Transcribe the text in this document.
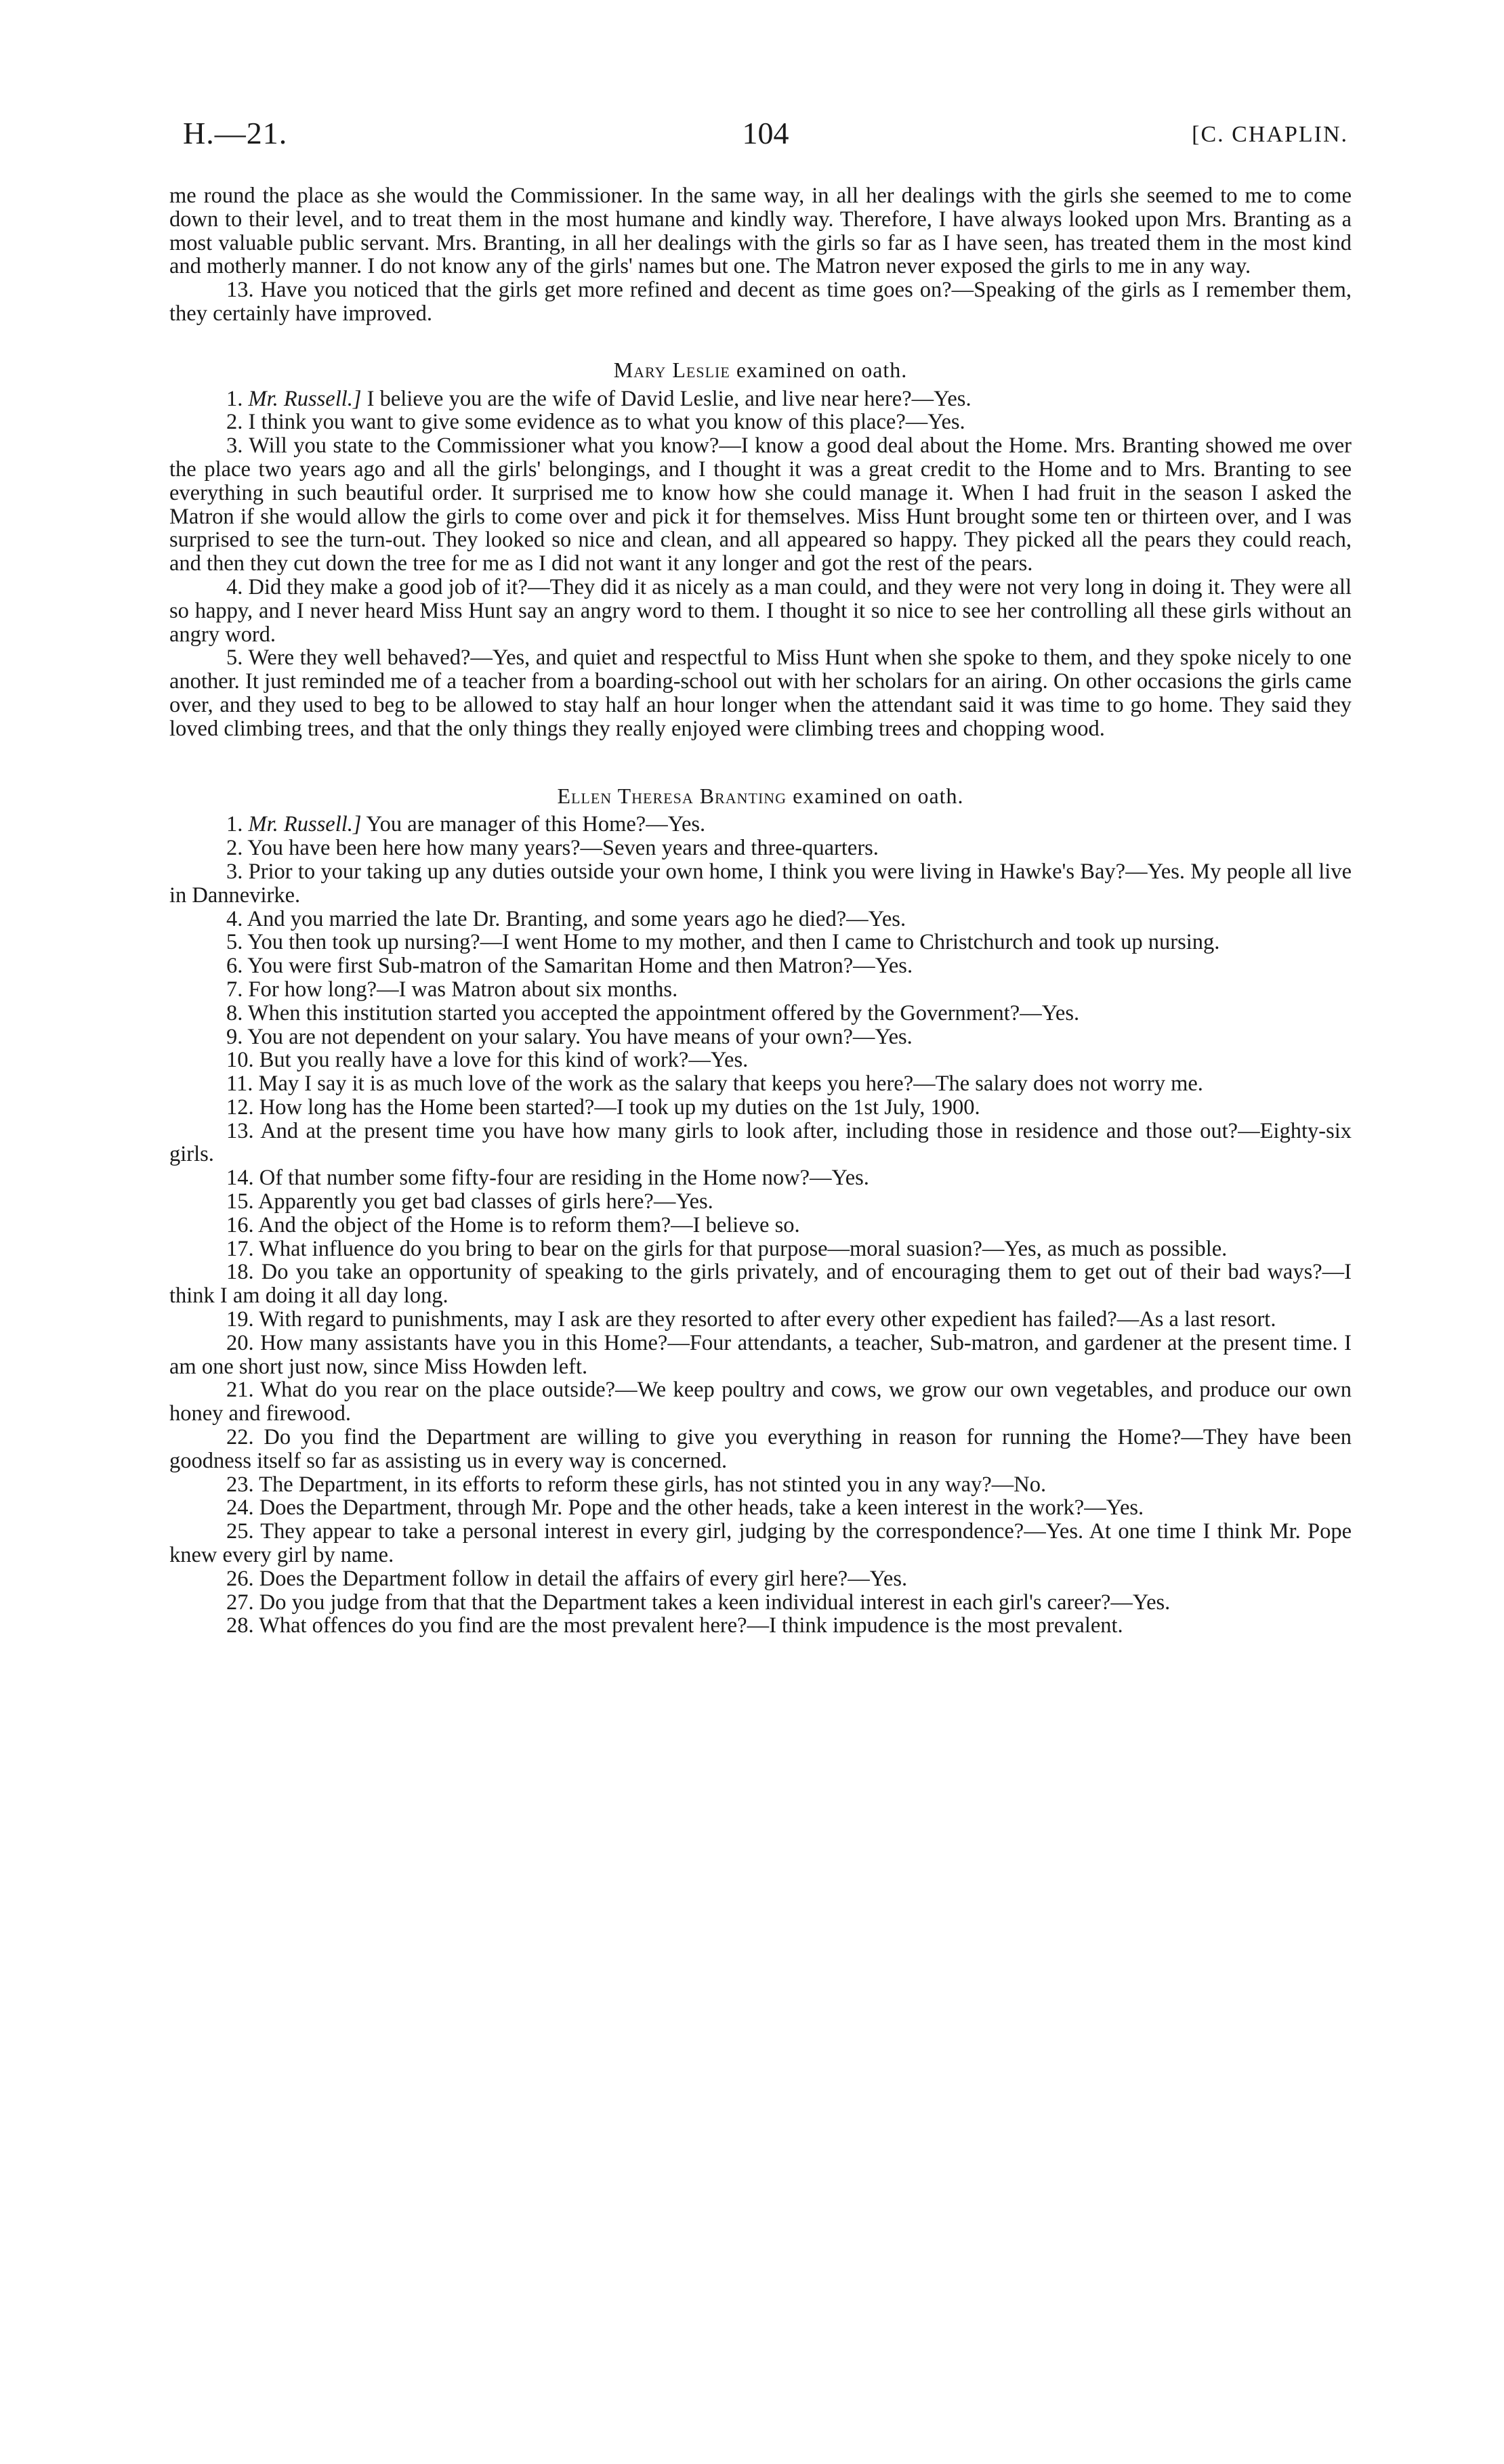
H.—21.	104	[C. CHAPLIN.

me round the place as she would the Commissioner. In the same way, in all her dealings with the girls she seemed to me to come down to their level, and to treat them in the most humane and kindly way. Therefore, I have always looked upon Mrs. Branting as a most valuable public servant. Mrs. Branting, in all her dealings with the girls so far as I have seen, has treated them in the most kind and motherly manner. I do not know any of the girls' names but one. The Matron never exposed the girls to me in any way.

13. Have you noticed that the girls get more refined and decent as time goes on?—Speaking of the girls as I remember them, they certainly have improved.

Mary Leslie examined on oath.

1. Mr. Russell.] I believe you are the wife of David Leslie, and live near here?—Yes.

2. I think you want to give some evidence as to what you know of this place?—Yes.

3. Will you state to the Commissioner what you know?—I know a good deal about the Home. Mrs. Branting showed me over the place two years ago and all the girls' belongings, and I thought it was a great credit to the Home and to Mrs. Branting to see everything in such beautiful order. It surprised me to know how she could manage it. When I had fruit in the season I asked the Matron if she would allow the girls to come over and pick it for themselves. Miss Hunt brought some ten or thirteen over, and I was surprised to see the turn-out. They looked so nice and clean, and all appeared so happy. They picked all the pears they could reach, and then they cut down the tree for me as I did not want it any longer and got the rest of the pears.

4. Did they make a good job of it?—They did it as nicely as a man could, and they were not very long in doing it. They were all so happy, and I never heard Miss Hunt say an angry word to them. I thought it so nice to see her controlling all these girls without an angry word.

5. Were they well behaved?—Yes, and quiet and respectful to Miss Hunt when she spoke to them, and they spoke nicely to one another. It just reminded me of a teacher from a boarding-school out with her scholars for an airing. On other occasions the girls came over, and they used to beg to be allowed to stay half an hour longer when the attendant said it was time to go home. They said they loved climbing trees, and that the only things they really enjoyed were climbing trees and chopping wood.

Ellen Theresa Branting examined on oath.

1. Mr. Russell.] You are manager of this Home?—Yes.

2. You have been here how many years?—Seven years and three-quarters.

3. Prior to your taking up any duties outside your own home, I think you were living in Hawke's Bay?—Yes. My people all live in Dannevirke.

4. And you married the late Dr. Branting, and some years ago he died?—Yes.

5. You then took up nursing?—I went Home to my mother, and then I came to Christchurch and took up nursing.

6. You were first Sub-matron of the Samaritan Home and then Matron?—Yes.

7. For how long?—I was Matron about six months.

8. When this institution started you accepted the appointment offered by the Government?—Yes.

9. You are not dependent on your salary. You have means of your own?—Yes.

10. But you really have a love for this kind of work?—Yes.

11. May I say it is as much love of the work as the salary that keeps you here?—The salary does not worry me.

12. How long has the Home been started?—I took up my duties on the 1st July, 1900.

13. And at the present time you have how many girls to look after, including those in residence and those out?—Eighty-six girls.

14. Of that number some fifty-four are residing in the Home now?—Yes.

15. Apparently you get bad classes of girls here?—Yes.

16. And the object of the Home is to reform them?—I believe so.

17. What influence do you bring to bear on the girls for that purpose—moral suasion?—Yes, as much as possible.

18. Do you take an opportunity of speaking to the girls privately, and of encouraging them to get out of their bad ways?—I think I am doing it all day long.

19. With regard to punishments, may I ask are they resorted to after every other expedient has failed?—As a last resort.

20. How many assistants have you in this Home?—Four attendants, a teacher, Sub-matron, and gardener at the present time. I am one short just now, since Miss Howden left.

21. What do you rear on the place outside?—We keep poultry and cows, we grow our own vegetables, and produce our own honey and firewood.

22. Do you find the Department are willing to give you everything in reason for running the Home?—They have been goodness itself so far as assisting us in every way is concerned.

23. The Department, in its efforts to reform these girls, has not stinted you in any way?—No.

24. Does the Department, through Mr. Pope and the other heads, take a keen interest in the work?—Yes.

25. They appear to take a personal interest in every girl, judging by the correspondence?—Yes. At one time I think Mr. Pope knew every girl by name.

26. Does the Department follow in detail the affairs of every girl here?—Yes.

27. Do you judge from that that the Department takes a keen individual interest in each girl's career?—Yes.

28. What offences do you find are the most prevalent here?—I think impudence is the most prevalent.
